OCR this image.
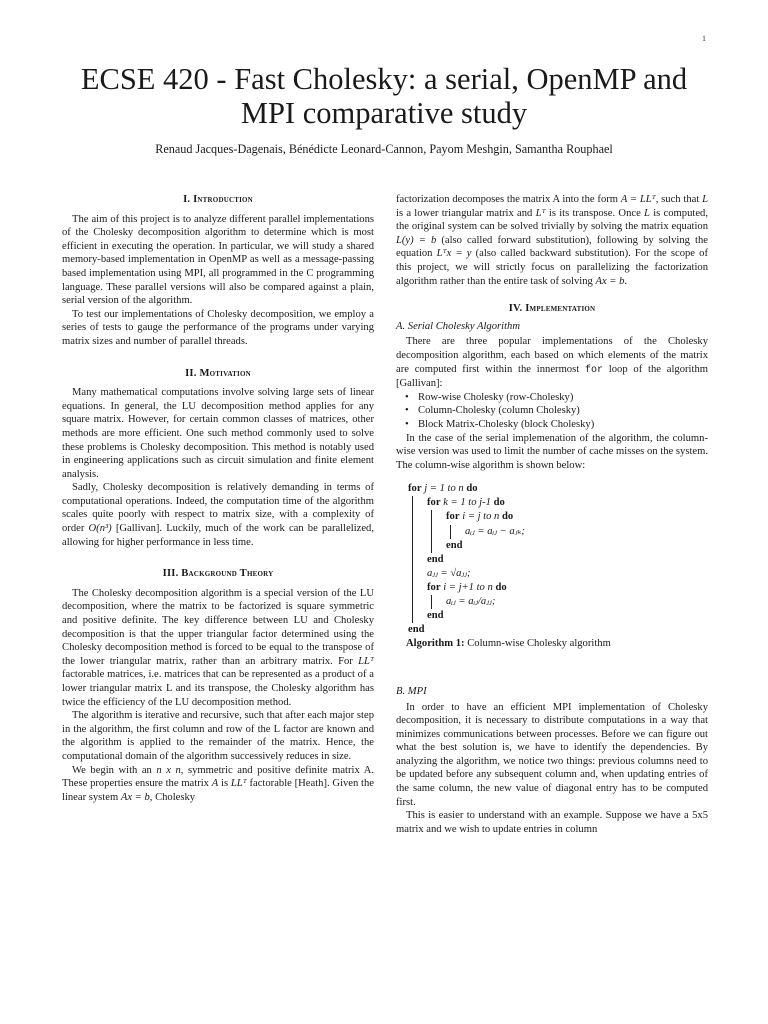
1
ECSE 420 - Fast Cholesky: a serial, OpenMP and
MPI comparative study
Renaud Jacques-Dagenais, Bénédicte Leonard-Cannon, Payom Meshgin, Samantha Rouphael
I. Introduction

The aim of this project is to analyze different parallel implementations of the Cholesky decomposition algorithm to determine which is most efficient in executing the operation. In particular, we will study a shared memory-based implementation in OpenMP as well as a message-passing based implementation using MPI, all programmed in the C programming language. These parallel versions will also be compared against a plain, serial version of the algorithm.

To test our implementations of Cholesky decomposition, we employ a series of tests to gauge the performance of the programs under varying matrix sizes and number of parallel threads.

II. Motivation

Many mathematical computations involve solving large sets of linear equations. In general, the LU decomposition method applies for any square matrix. However, for certain common classes of matrices, other methods are more efficient. One such method commonly used to solve these problems is Cholesky decomposition. This method is notably used in engineering applications such as circuit simulation and finite element analysis.

Sadly, Cholesky decomposition is relatively demanding in terms of computational operations. Indeed, the computation time of the algorithm scales quite poorly with respect to matrix size, with a complexity of order O(n³) [Gallivan]. Luckily, much of the work can be parallelized, allowing for higher performance in less time.

III. Background Theory

The Cholesky decomposition algorithm is a special version of the LU decomposition, where the matrix to be factorized is square symmetric and positive definite. The key difference between LU and Cholesky decomposition is that the upper triangular factor determined using the Cholesky decomposition method is forced to be equal to the transpose of the lower triangular matrix, rather than an arbitrary matrix. For LLᵀ factorable matrices, i.e. matrices that can be represented as a product of a lower triangular matrix L and its transpose, the Cholesky algorithm has twice the efficiency of the LU decomposition method.

The algorithm is iterative and recursive, such that after each major step in the algorithm, the first column and row of the L factor are known and the algorithm is applied to the remainder of the matrix. Hence, the computational domain of the algorithm successively reduces in size.

We begin with an n x n, symmetric and positive definite matrix A. These properties ensure the matrix A is LLᵀ factorable [Heath]. Given the linear system Ax = b, Cholesky

factorization decomposes the matrix A into the form A = LLᵀ, such that L is a lower triangular matrix and Lᵀ is its transpose. Once L is computed, the original system can be solved trivially by solving the matrix equation L(y) = b (also called forward substitution), following by solving the equation Lᵀx = y (also called backward substitution). For the scope of this project, we will strictly focus on parallelizing the factorization algorithm rather than the entire task of solving Ax = b.

IV. Implementation
A. Serial Cholesky Algorithm

There are three popular implementations of the Cholesky decomposition algorithm, each based on which elements of the matrix are computed first within the innermost for loop of the algorithm [Gallivan]:

• Row-wise Cholesky (row-Cholesky)
• Column-Cholesky (column Cholesky)
• Block Matrix-Cholesky (block Cholesky)

In the case of the serial implemenation of the algorithm, the column-wise version was used to limit the number of cache misses on the system. The column-wise algorithm is shown below:

for j = 1 to n do
for k = 1 to j-1 do
for i = j to n do
aᵢⱼ = aᵢⱼ − aⱼₖ;
end
end
aⱼⱼ = √aⱼⱼ;
for i = j+1 to n do
aᵢⱼ = aᵢⱼ/aⱼⱼ;
end
end

Algorithm 1: Column-wise Cholesky algorithm

B. MPI

In order to have an efficient MPI implementation of Cholesky decomposition, it is necessary to distribute computations in a way that minimizes communications between processes. Before we can figure out what the best solution is, we have to identify the dependencies. By analyzing the algorithm, we notice two things: previous columns need to be updated before any subsequent column and, when updating entries of the same column, the new value of diagonal entry has to be computed first.

This is easier to understand with an example. Suppose we have a 5x5 matrix and we wish to update entries in column
